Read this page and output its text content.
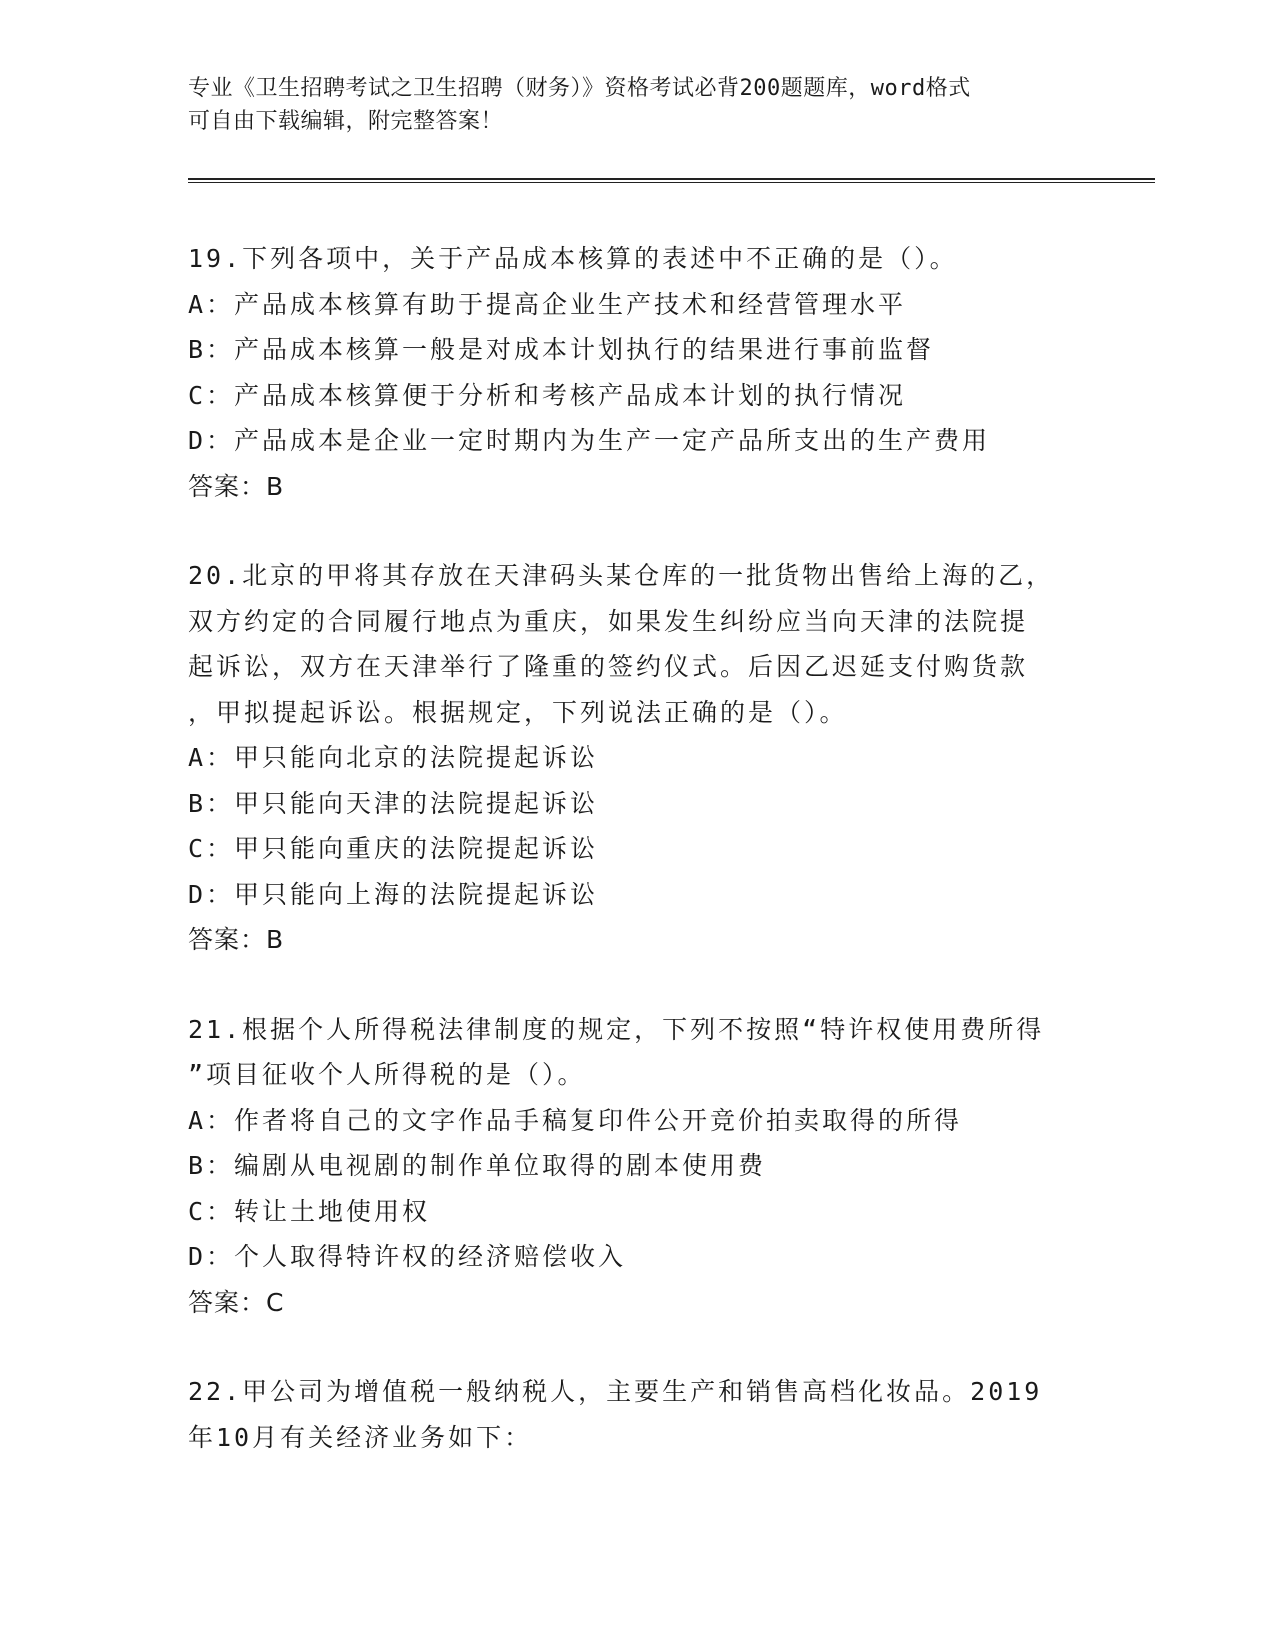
专业《卫生招聘考试之卫生招聘（财务）》资格考试必背200题题库，word格式
可自由下载编辑，附完整答案！
19.下列各项中，关于产品成本核算的表述中不正确的是（）。
A：产品成本核算有助于提高企业生产技术和经营管理水平
B：产品成本核算一般是对成本计划执行的结果进行事前监督
C：产品成本核算便于分析和考核产品成本计划的执行情况
D：产品成本是企业一定时期内为生产一定产品所支出的生产费用
答案：B
20.北京的甲将其存放在天津码头某仓库的一批货物出售给上海的乙，
双方约定的合同履行地点为重庆，如果发生纠纷应当向天津的法院提
起诉讼，双方在天津举行了隆重的签约仪式。后因乙迟延支付购货款
，甲拟提起诉讼。根据规定，下列说法正确的是（）。
A：甲只能向北京的法院提起诉讼
B：甲只能向天津的法院提起诉讼
C：甲只能向重庆的法院提起诉讼
D：甲只能向上海的法院提起诉讼
答案：B
21.根据个人所得税法律制度的规定，下列不按照“特许权使用费所得
”项目征收个人所得税的是（）。
A：作者将自己的文字作品手稿复印件公开竞价拍卖取得的所得
B：编剧从电视剧的制作单位取得的剧本使用费
C：转让土地使用权
D：个人取得特许权的经济赔偿收入
答案：C
22.甲公司为增值税一般纳税人，主要生产和销售高档化妆品。2019
年10月有关经济业务如下：
